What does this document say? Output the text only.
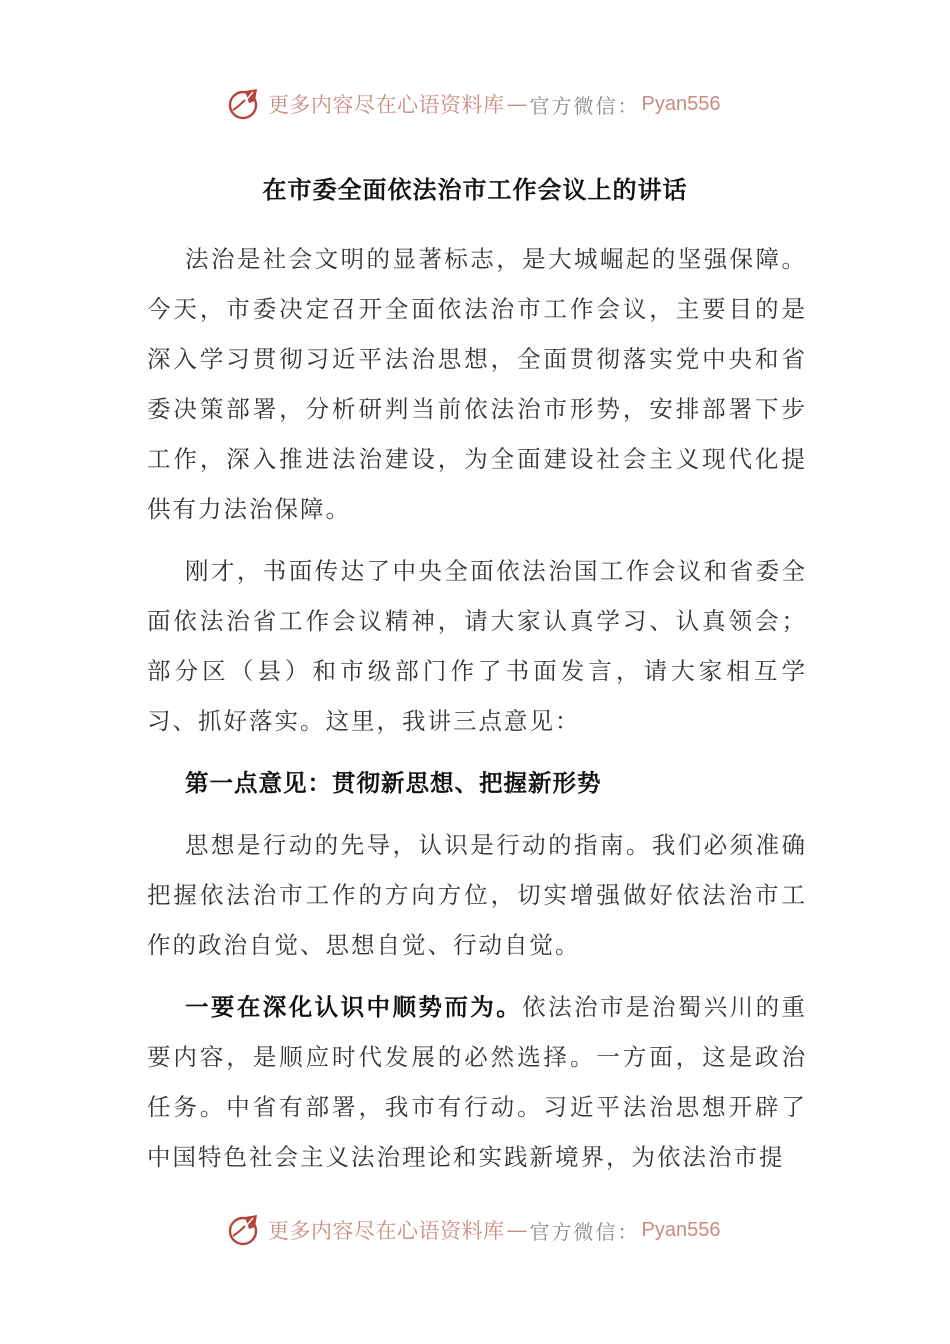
更多内容尽在 心语资料库 — 官方微信： Pyan556
在市委全面依法治市工作会议上的讲话

法治是社会文明的显著标志，是大城崛起的坚强保障。今天，市委决定召开全面依法治市工作会议，主要目的是深入学习贯彻习近平法治思想，全面贯彻落实党中央和省委决策部署，分析研判当前依法治市形势，安排部署下步工作，深入推进法治建设，为全面建设社会主义现代化提供有力法治保障。

刚才，书面传达了中央全面依法治国工作会议和省委全面依法治省工作会议精神，请大家认真学习、认真领会；部分区（县）和市级部门作了书面发言，请大家相互学习、抓好落实。这里，我讲三点意见：

第一点意见：贯彻新思想、把握新形势

思想是行动的先导，认识是行动的指南。我们必须准确把握依法治市工作的方向方位，切实增强做好依法治市工作的政治自觉、思想自觉、行动自觉。

一要在深化认识中顺势而为。依法治市是治蜀兴川的重要内容，是顺应时代发展的必然选择。一方面，这是政治任务。中省有部署，我市有行动。习近平法治思想开辟了中国特色社会主义法治理论和实践新境界，为依法治市提

更多内容尽在 心语资料库 — 官方微信： Pyan556
